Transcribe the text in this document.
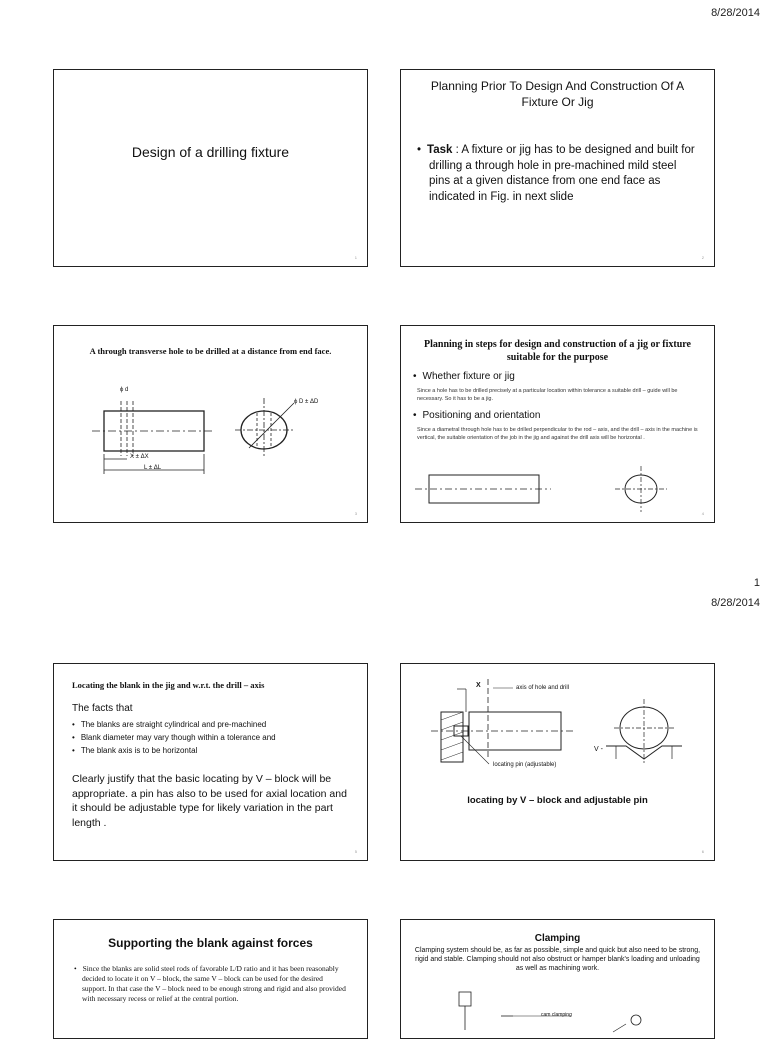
8/28/2014
Design of a drilling fixture
1
Planning Prior To Design And Construction Of A Fixture Or Jig
• Task : A fixture or jig has to be designed and built for drilling a through hole in pre-machined mild steel pins at a given distance from one end face as indicated in Fig. in next slide
2
A through transverse hole to be drilled at a distance from end face.
ϕ d
ϕ D ± ΔD
X ± ΔX
L ± ΔL
3
Planning in steps for design and construction of a jig or fixture suitable for the purpose
• Whether fixture or jig
Since a hole has to be drilled precisely at a particular location within tolerance a suitable drill – guide will be necessary. So it has to be a jig.
• Positioning and orientation
Since a diametral through hole has to be drilled perpendicular to the rod – axis, and the drill – axis in the machine is vertical, the suitable orientation of the job in the jig and against the drill axis will be horizontal .
4
1
8/28/2014
Locating the blank in the jig and w.r.t. the drill – axis
The facts that
• The blanks are straight cylindrical and pre-machined
• Blank diameter may vary though within a tolerance and
• The blank axis is to be horizontal
Clearly justify that the basic locating by V – block will be appropriate. a pin has also to be used for axial location and it should be adjustable type for likely variation in the part length .
5
X	axis of hole and drill
locating pin (adjustable)
V -
locating by V – block and adjustable pin
6
Supporting the blank against forces
• Since the blanks are solid steel rods of favorable L/D ratio and it has been reasonably decided to locate it on V – block, the same V – block can be used for the desired support. In that case the V – block need to be enough strong and rigid and also provided with necessary recess or relief at the central portion.
Clamping
Clamping system should be, as far as possible, simple and quick but also need to be strong, rigid and stable. Clamping should not also obstruct or hamper blank's loading and unloading as well as machining work.
cam clamping
